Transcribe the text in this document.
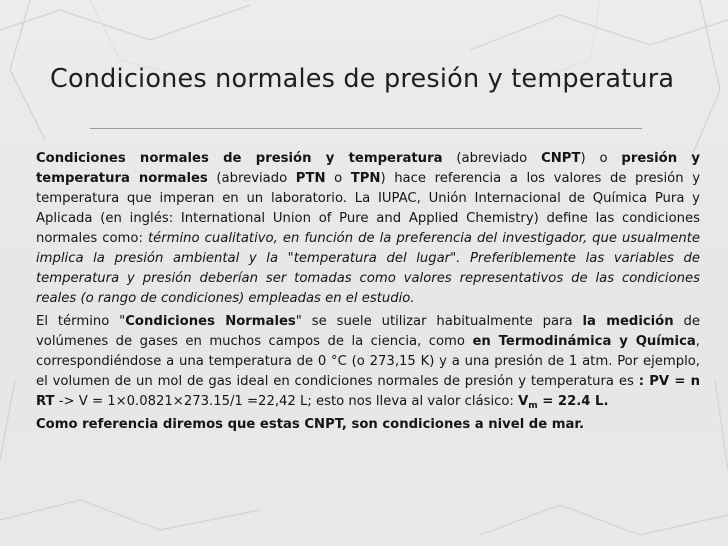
Condiciones normales de presión y temperatura

Condiciones normales de presión y temperatura (abreviado CNPT) o presión y temperatura normales (abreviado PTN o TPN) hace referencia a los valores de presión y temperatura que imperan en un laboratorio. La IUPAC, Unión Internacional de Química Pura y Aplicada (en inglés: International Union of Pure and Applied Chemistry) define las condiciones normales como: término cualitativo, en función de la preferencia del investigador, que usualmente implica la presión ambiental y la "temperatura del lugar". Preferiblemente las variables de temperatura y presión deberían ser tomadas como valores representativos de las condiciones reales (o rango de condiciones) empleadas en el estudio.

El término "Condiciones Normales" se suele utilizar habitualmente para la medición de volúmenes de gases en muchos campos de la ciencia, como en Termodinámica y Química, correspondiéndose a una temperatura de 0 °C (o 273,15 K) y a una presión de 1 atm. Por ejemplo, el volumen de un mol de gas ideal en condiciones normales de presión y temperatura es : PV = n RT -> V = 1×0.0821×273.15/1 =22,42 L; esto nos lleva al valor clásico: $V_m = 22.4$ L.

Como referencia diremos que estas CNPT, son condiciones a nivel de mar.
